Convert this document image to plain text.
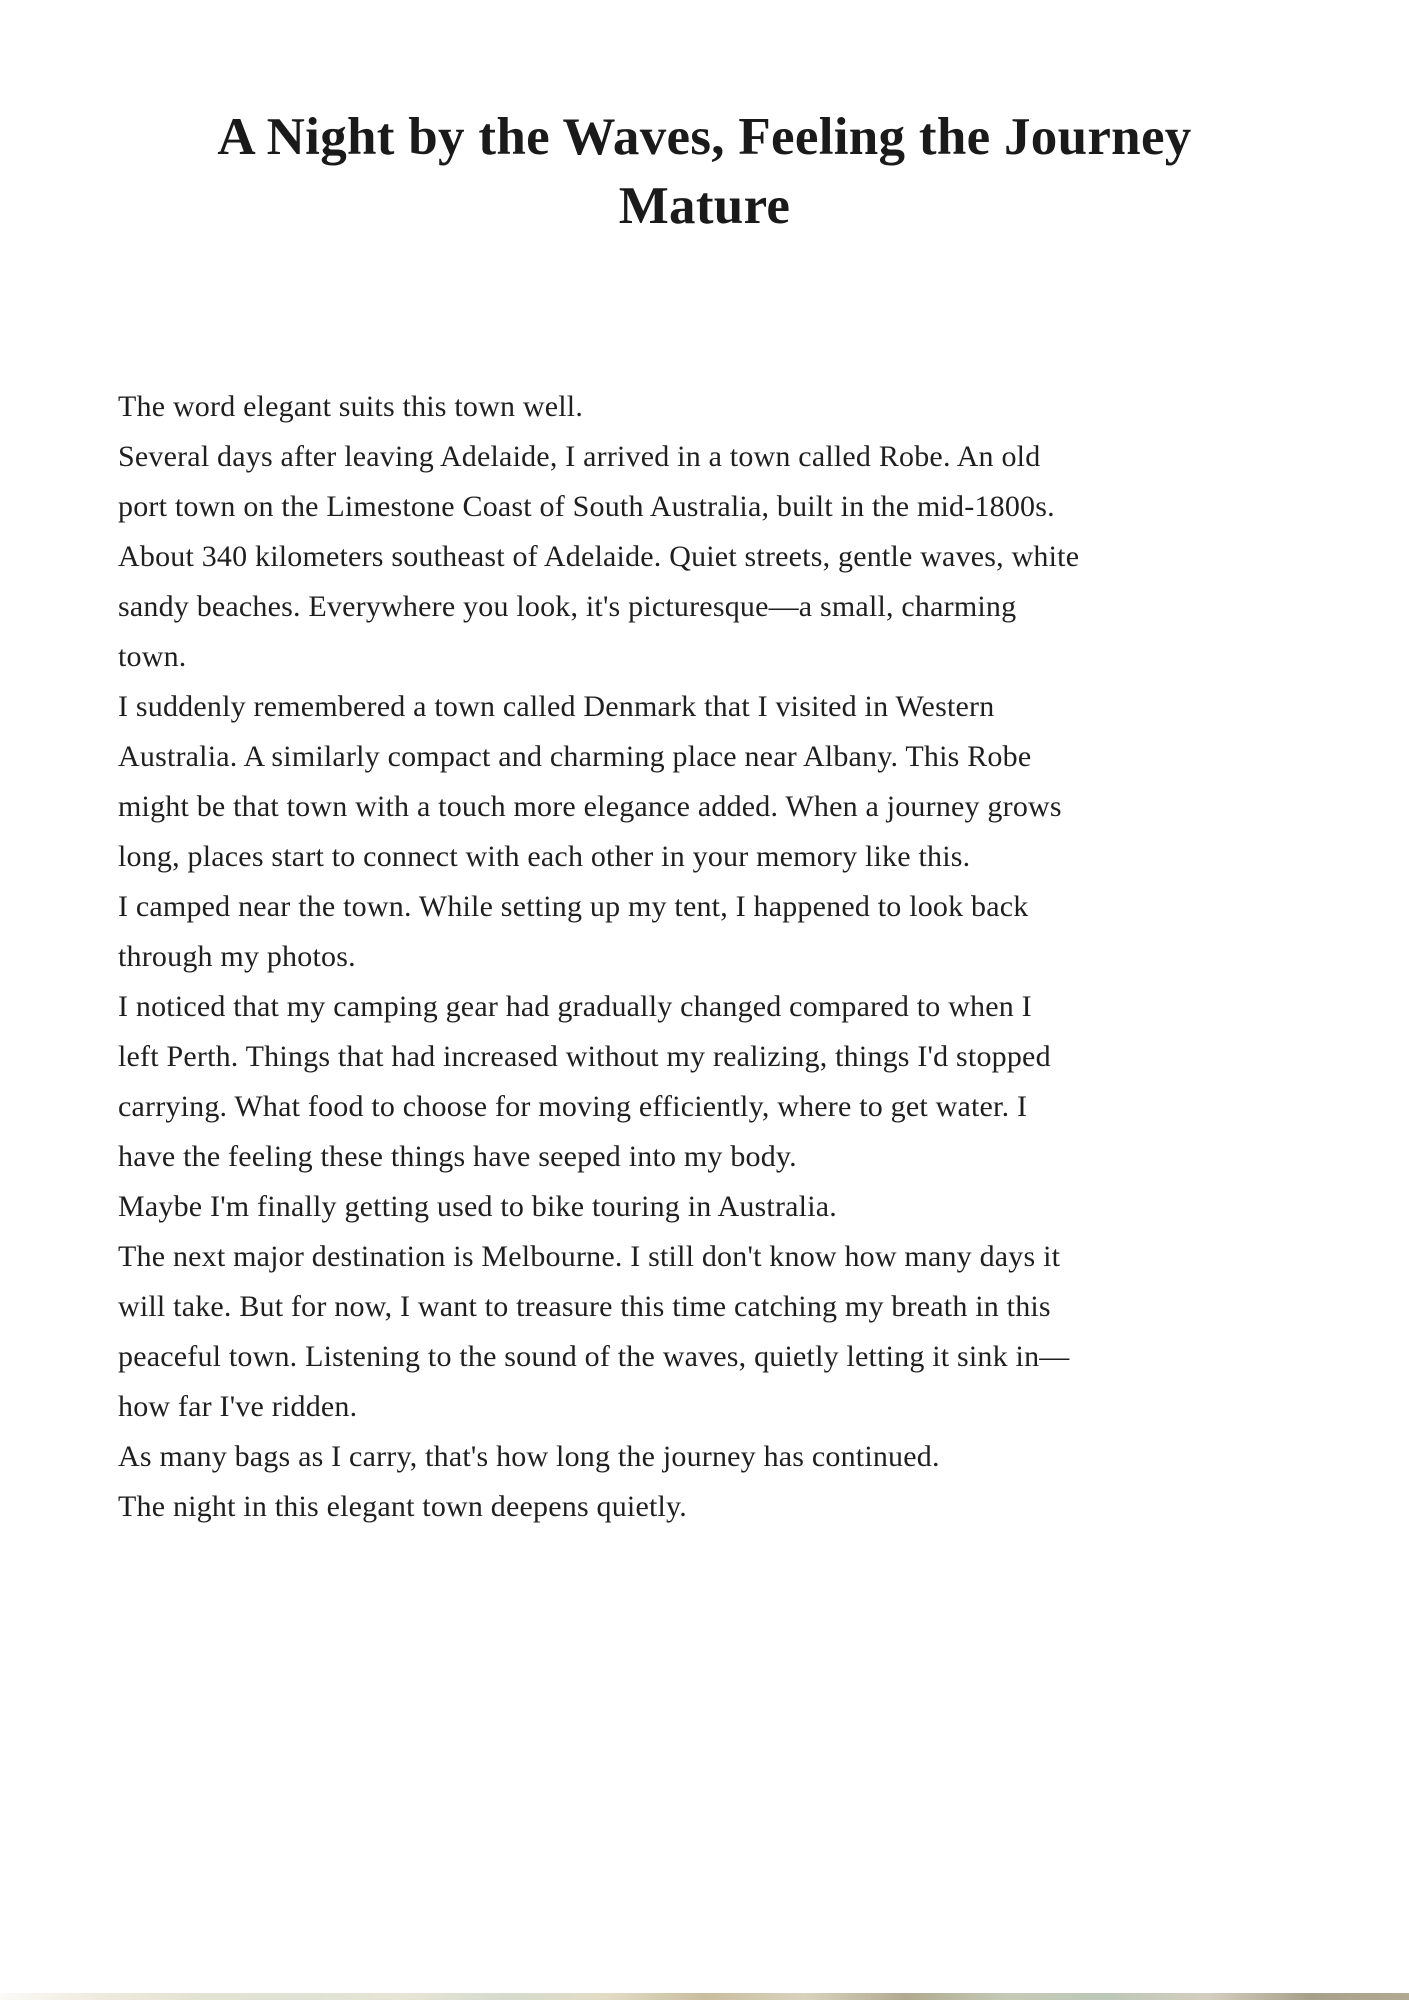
A Night by the Waves, Feeling the Journey
Mature
The word elegant suits this town well.
Several days after leaving Adelaide, I arrived in a town called Robe. An old
port town on the Limestone Coast of South Australia, built in the mid-1800s.
About 340 kilometers southeast of Adelaide. Quiet streets, gentle waves, white
sandy beaches. Everywhere you look, it's picturesque—a small, charming
town.
I suddenly remembered a town called Denmark that I visited in Western
Australia. A similarly compact and charming place near Albany. This Robe
might be that town with a touch more elegance added. When a journey grows
long, places start to connect with each other in your memory like this.
I camped near the town. While setting up my tent, I happened to look back
through my photos.
I noticed that my camping gear had gradually changed compared to when I
left Perth. Things that had increased without my realizing, things I'd stopped
carrying. What food to choose for moving efficiently, where to get water. I
have the feeling these things have seeped into my body.
Maybe I'm finally getting used to bike touring in Australia.
The next major destination is Melbourne. I still don't know how many days it
will take. But for now, I want to treasure this time catching my breath in this
peaceful town. Listening to the sound of the waves, quietly letting it sink in—
how far I've ridden.
As many bags as I carry, that's how long the journey has continued.
The night in this elegant town deepens quietly.
